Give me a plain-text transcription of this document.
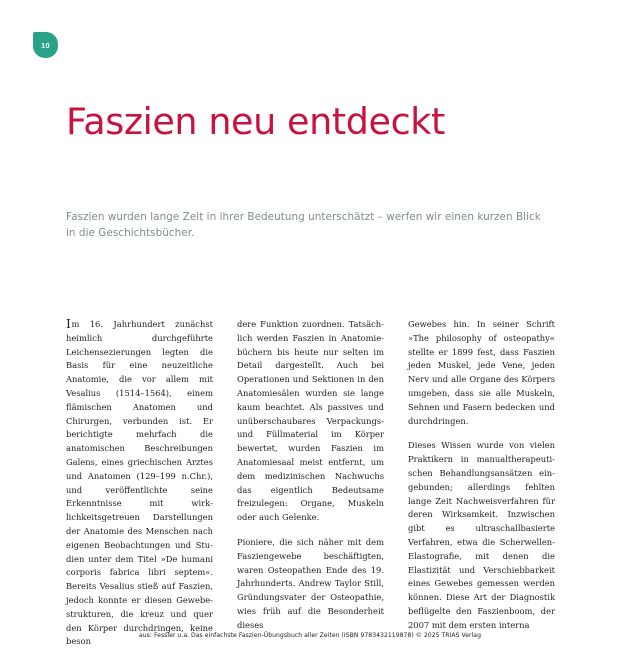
10
Faszien neu entdeckt

Faszien wurden lange Zeit in ihrer Bedeutung unterschätzt – werfen wir einen kurzen Blick in die Geschichtsbücher.

Im 16. Jahrhundert zunächst heimlich durchgeführte Leichensezierungen legten die Basis für eine neuzeitliche Anatomie, die vor allem mit Vesalius (1514–1564), einem flämischen Anatomen und Chirurgen, verbunden ist. Er berichtigte mehrfach die anatomischen Beschreibungen Galens, eines griechischen Arztes und Anatomen (129–199 n.Chr.), und veröffentlichte seine Erkenntnisse mit wirklichkeitsgetreuen Darstellungen der Anatomie des Menschen nach eigenen Beobachtungen und Studien unter dem Titel »De humani corporis fabrica libri septem«. Bereits Vesalius stieß auf Faszien, jedoch konnte er diesen Gewebestrukturen, die kreuz und quer den Körper durchdringen, keine beson

dere Funktion zuordnen. Tatsächlich werden Faszien in Anatomiebüchern bis heute nur selten im Detail dargestellt. Auch bei Operationen und Sektionen in den Anatomiesälen wurden sie lange kaum beachtet. Als passives und unüberschaubares Verpackungs- und Füllmaterial im Körper bewertet, wurden Faszien im Anatomiesaal meist entfernt, um dem medizinischen Nachwuchs das eigentlich Bedeutsame freizulegen: Organe, Muskeln oder auch Gelenke.

Pioniere, die sich näher mit dem Fasziengewebe beschäftigten, waren Osteopathen Ende des 19. Jahrhunderts. Andrew Taylor Still, Gründungsvater der Osteopathie, wies früh auf die Besonderheit dieses

Gewebes hin. In seiner Schrift »The philosophy of osteopathy« stellte er 1899 fest, dass Faszien jeden Muskel, jede Vene, jeden Nerv und alle Organe des Körpers umgeben, dass sie alle Muskeln, Sehnen und Fasern bedecken und durchdringen.

Dieses Wissen wurde von vielen Praktikern in manualtherapeutischen Behandlungsansätzen eingebunden; allerdings fehlten lange Zeit Nachweisverfahren für deren Wirksamkeit. Inzwischen gibt es ultraschallbasierte Verfahren, etwa die Scherwellen-Elastografie, mit denen die Elastizität und Verschiebbarkeit eines Gewebes gemessen werden können. Diese Art der Diagnostik beflügelte den Faszienboom, der 2007 mit dem ersten interna

aus: Fessler u.a. Das einfachste Faszien-Übungsbuch aller Zeiten (ISBN 9783432119878) © 2025 TRIAS Verlag
